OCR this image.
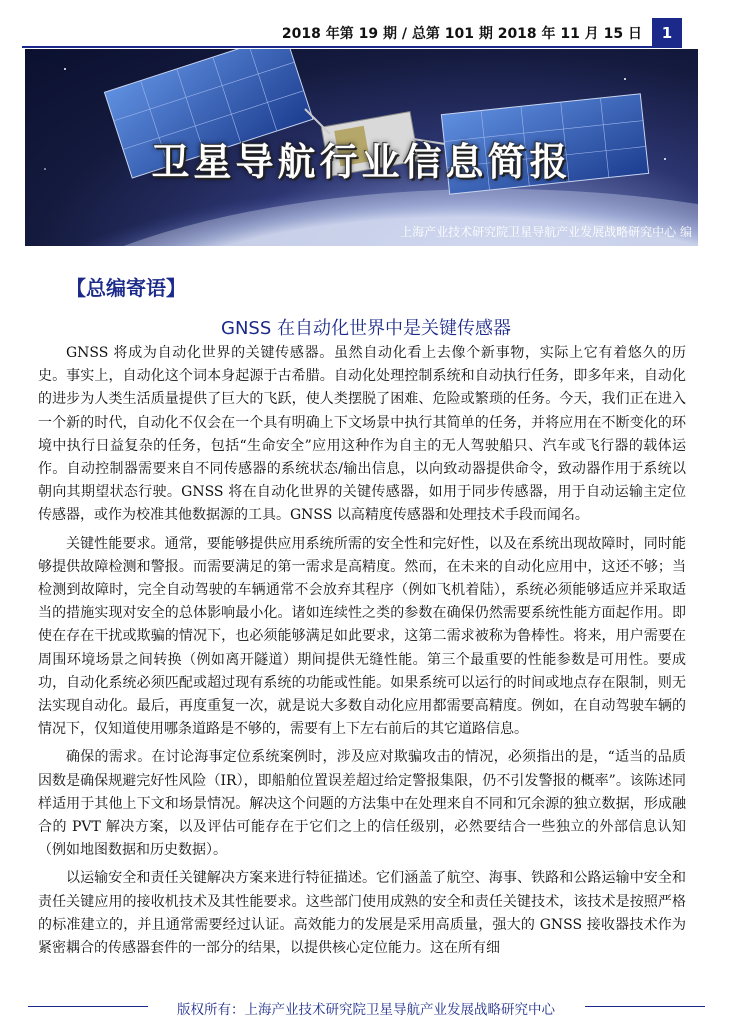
2018 年第 19 期 / 总第 101 期 2018 年 11 月 15 日	1
卫星导航行业信息简报
上海产业技术研究院卫星导航产业发展战略研究中心 编
【总编寄语】
GNSS 在自动化世界中是关键传感器

GNSS 将成为自动化世界的关键传感器。虽然自动化看上去像个新事物，实际上它有着悠久的历史。事实上，自动化这个词本身起源于古希腊。自动化处理控制系统和自动执行任务，即多年来，自动化的进步为人类生活质量提供了巨大的飞跃，使人类摆脱了困难、危险或繁琐的任务。今天，我们正在进入一个新的时代，自动化不仅会在一个具有明确上下文场景中执行其简单的任务，并将应用在不断变化的环境中执行日益复杂的任务，包括“生命安全”应用这种作为自主的无人驾驶船只、汽车或飞行器的载体运作。自动控制器需要来自不同传感器的系统状态/输出信息，以向致动器提供命令，致动器作用于系统以朝向其期望状态行驶。GNSS 将在自动化世界的关键传感器，如用于同步传感器，用于自动运输主定位传感器，或作为校准其他数据源的工具。GNSS 以高精度传感器和处理技术手段而闻名。

关键性能要求。通常，要能够提供应用系统所需的安全性和完好性，以及在系统出现故障时，同时能够提供故障检测和警报。而需要满足的第一需求是高精度。然而，在未来的自动化应用中，这还不够；当检测到故障时，完全自动驾驶的车辆通常不会放弃其程序（例如飞机着陆），系统必须能够适应并采取适当的措施实现对安全的总体影响最小化。诸如连续性之类的参数在确保仍然需要系统性能方面起作用。即使在存在干扰或欺骗的情况下，也必须能够满足如此要求，这第二需求被称为鲁棒性。将来，用户需要在周围环境场景之间转换（例如离开隧道）期间提供无缝性能。第三个最重要的性能参数是可用性。要成功，自动化系统必须匹配或超过现有系统的功能或性能。如果系统可以运行的时间或地点存在限制，则无法实现自动化。最后，再度重复一次，就是说大多数自动化应用都需要高精度。例如，在自动驾驶车辆的情况下，仅知道使用哪条道路是不够的，需要有上下左右前后的其它道路信息。

确保的需求。在讨论海事定位系统案例时，涉及应对欺骗攻击的情况，必须指出的是，“适当的品质因数是确保规避完好性风险（IR），即船舶位置误差超过给定警报集限，仍不引发警报的概率”。该陈述同样适用于其他上下文和场景情况。解决这个问题的方法集中在处理来自不同和冗余源的独立数据，形成融合的 PVT 解决方案，以及评估可能存在于它们之上的信任级别，必然要结合一些独立的外部信息认知（例如地图数据和历史数据）。

以运输安全和责任关键解决方案来进行特征描述。它们涵盖了航空、海事、铁路和公路运输中安全和责任关键应用的接收机技术及其性能要求。这些部门使用成熟的安全和责任关键技术，该技术是按照严格的标准建立的，并且通常需要经过认证。高效能力的发展是采用高质量，强大的 GNSS 接收器技术作为紧密耦合的传感器套件的一部分的结果，以提供核心定位能力。这在所有细

版权所有：上海产业技术研究院卫星导航产业发展战略研究中心
